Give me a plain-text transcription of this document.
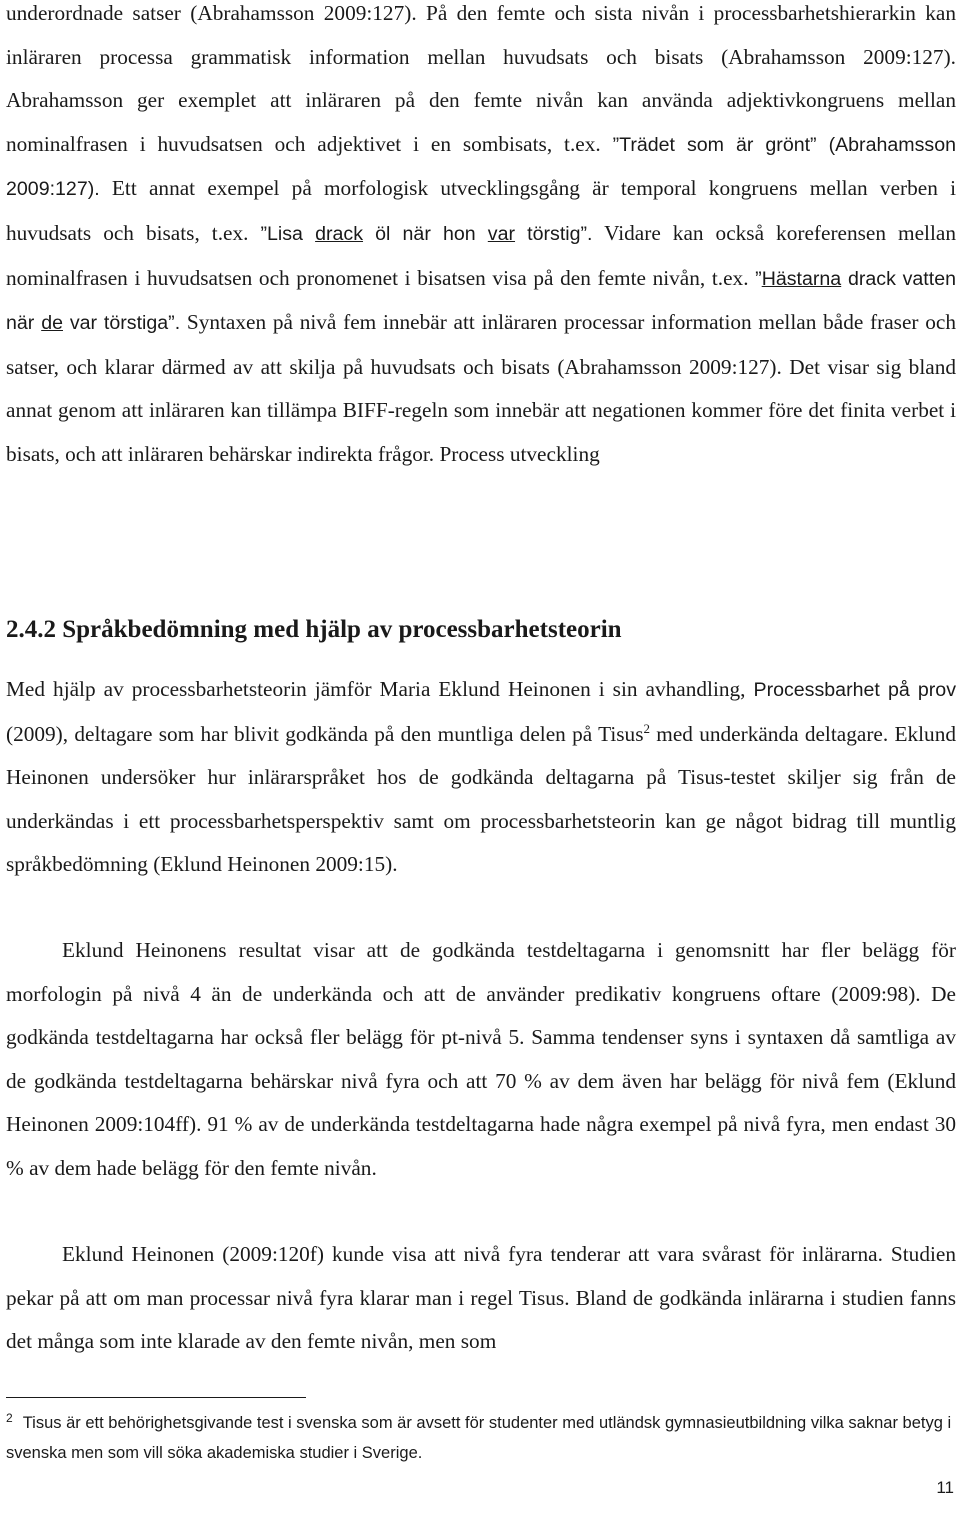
underordnade satser (Abrahamsson 2009:127). På den femte och sista nivån i processbarhetshierarkin kan inläraren processa grammatisk information mellan huvudsats och bisats (Abrahamsson 2009:127). Abrahamsson ger exemplet att inläraren på den femte nivån kan använda adjektivkongruens mellan nominalfrasen i huvudsatsen och adjektivet i en sombisats, t.ex. ”Trädet som är grönt” (Abrahamsson 2009:127). Ett annat exempel på morfologisk utvecklingsgång är temporal kongruens mellan verben i huvudsats och bisats, t.ex. ”Lisa drack öl när hon var törstig”. Vidare kan också koreferensen mellan nominalfrasen i huvudsatsen och pronomenet i bisatsen visa på den femte nivån, t.ex. ”Hästarna drack vatten när de var törstiga”. Syntaxen på nivå fem innebär att inläraren processar information mellan både fraser och satser, och klarar därmed av att skilja på huvudsats och bisats (Abrahamsson 2009:127). Det visar sig bland annat genom att inläraren kan tillämpa BIFF-regeln som innebär att negationen kommer före det finita verbet i bisats, och att inläraren behärskar indirekta frågor. Process utveckling

2.4.2 Språkbedömning med hjälp av processbarhetsteorin

Med hjälp av processbarhetsteorin jämför Maria Eklund Heinonen i sin avhandling, Processbarhet på prov (2009), deltagare som har blivit godkända på den muntliga delen på Tisus$^2$ med underkända deltagare. Eklund Heinonen undersöker hur inlärarspråket hos de godkända deltagarna på Tisus-testet skiljer sig från de underkändas i ett processbarhetsperspektiv samt om processbarhetsteorin kan ge något bidrag till muntlig språkbedömning (Eklund Heinonen 2009:15).

Eklund Heinonens resultat visar att de godkända testdeltagarna i genomsnitt har fler belägg för morfologin på nivå 4 än de underkända och att de använder predikativ kongruens oftare (2009:98). De godkända testdeltagarna har också fler belägg för pt-nivå 5. Samma tendenser syns i syntaxen då samtliga av de godkända testdeltagarna behärskar nivå fyra och att 70 % av dem även har belägg för nivå fem (Eklund Heinonen 2009:104ff). 91 % av de underkända testdeltagarna hade några exempel på nivå fyra, men endast 30 % av dem hade belägg för den femte nivån.

Eklund Heinonen (2009:120f) kunde visa att nivå fyra tenderar att vara svårast för inlärarna. Studien pekar på att om man processar nivå fyra klarar man i regel Tisus. Bland de godkända inlärarna i studien fanns det många som inte klarade av den femte nivån, men som

$^2$ Tisus är ett behörighetsgivande test i svenska som är avsett för studenter med utländsk gymnasieutbildning vilka saknar betyg i svenska men som vill söka akademiska studier i Sverige.

11
